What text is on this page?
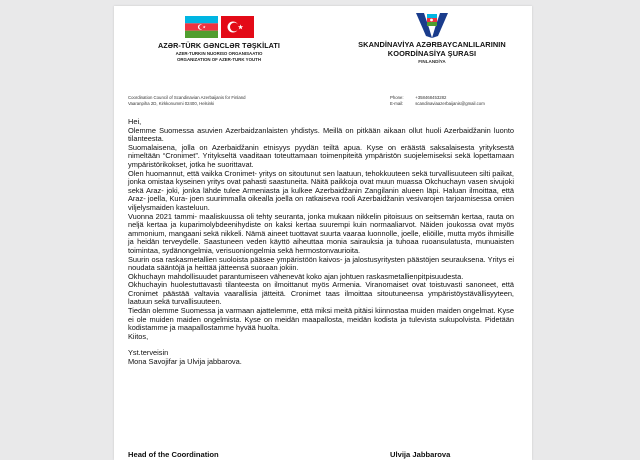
AZƏR-TÜRK GƏNCLƏR TƏŞKİLATI
AZER-TURKIN NUORISO ORGANISAATIO
ORGANIZATION OF AZER-TURK YOUTH
SKANDİNAVİYA AZƏRBAYCANLILARININ
KOORDİNASİYA ŞURASI
FINLANDİYA
Coordination Council of Scandinavian Azerbaijanis for Finland
Vaaranpiha 2D, Kirkkonummi 02400, Helsinki
Phone:	+358468453282
E-mail:	scandinaviaazerbaijanis@gmail.com

Hei,

Olemme Suomessa asuvien Azerbaidzanlaisten yhdistys. Meillä on pitkään aikaan ollut huoli Azerbaidžanin luonto tilanteesta.

Suomalaisena, jolla on Azerbaidžanin etnisyys pyydän teiltä apua. Kyse on eräästä saksalaisesta yrityksestä nimeltään “Cronimet”. Yritykseltä vaaditaan toteuttamaan toimenpiteitä ympäristön suojelemiseksi sekä lopettamaan ympäristörikokset, jotka he suorittavat.

Olen huomannut, että vaikka Cronimet- yritys on sitoutunut sen laatuun, tehokkuuteen sekä turvallisuuteen silti paikat, jonka omistaa kyseinen yritys ovat pahasti saastuneita. Näitä paikkoja ovat muun muassa Okchuchayn vasen sivujoki sekä Araz- joki, jonka lähde tulee Armeniasta ja kulkee Azerbaidžanin Zangilanin alueen läpi. Haluan ilmoittaa, että Araz- joella, Kura- joen suurimmalla oikealla joella on ratkaiseva rooli Azerbaidžanin vesivarojen tarjoamisessa omien viljelysmaiden kasteluun.

Vuonna 2021 tammi- maaliskuussa oli tehty seuranta, jonka mukaan nikkelin pitoisuus on seitsemän kertaa, rauta on neljä kertaa ja kuparimolybdeenihydiste on kaksi kertaa suurempi kuin normaaliarvot. Näiden joukossa ovat myös ammonium, mangaani sekä nikkeli. Nämä aineet tuottavat suurta vaaraa luonnolle, joelle, eliöille, mutta myös ihmisille ja heidän terveydelle. Saastuneen veden käyttö aiheuttaa monia sairauksia ja tuhoaa ruoansulatusta, munuaisten toimintaa, sydänongelmia, verisuoniongelmia sekä hermostonvaurioita.

Suurin osa raskasmetallien suoloista pääsee ympäristöön kaivos- ja jalostusyritysten päästöjen seurauksena. Yritys ei noudata sääntöjä ja heittää jätteensä suoraan jokiin.

Okhuchayn mahdollisuudet parantumiseen vähenevät koko ajan johtuen raskasmetallienpitpisuudesta.

Okhuchayin huolestuttavasti tilanteesta on ilmoittanut myös Armenia. Viranomaiset ovat toistuvasti sanoneet, että Cronimet päästää valtavia vaarallisia jätteitä. Cronimet taas ilmoittaa sitoutuneensa ympäristöystävällisyyteen, laatuun sekä turvallisuuteen.

Tiedän olemme Suomessa ja varmaan ajattelemme, että miksi meitä pitäisi kiinnostaa muiden maiden ongelmat. Kyse ei ole muiden maiden ongelmista. Kyse on meidän maapallosta, meidän kodista ja tulevista sukupolvista. Pidetään kodistamme ja maapallostamme hyvää huolta.

Kiitos,

Yst.terveisin

Mona Savojifar ja Ulvija jabbarova.

Head of the Coordination	Ulvija Jabbarova
